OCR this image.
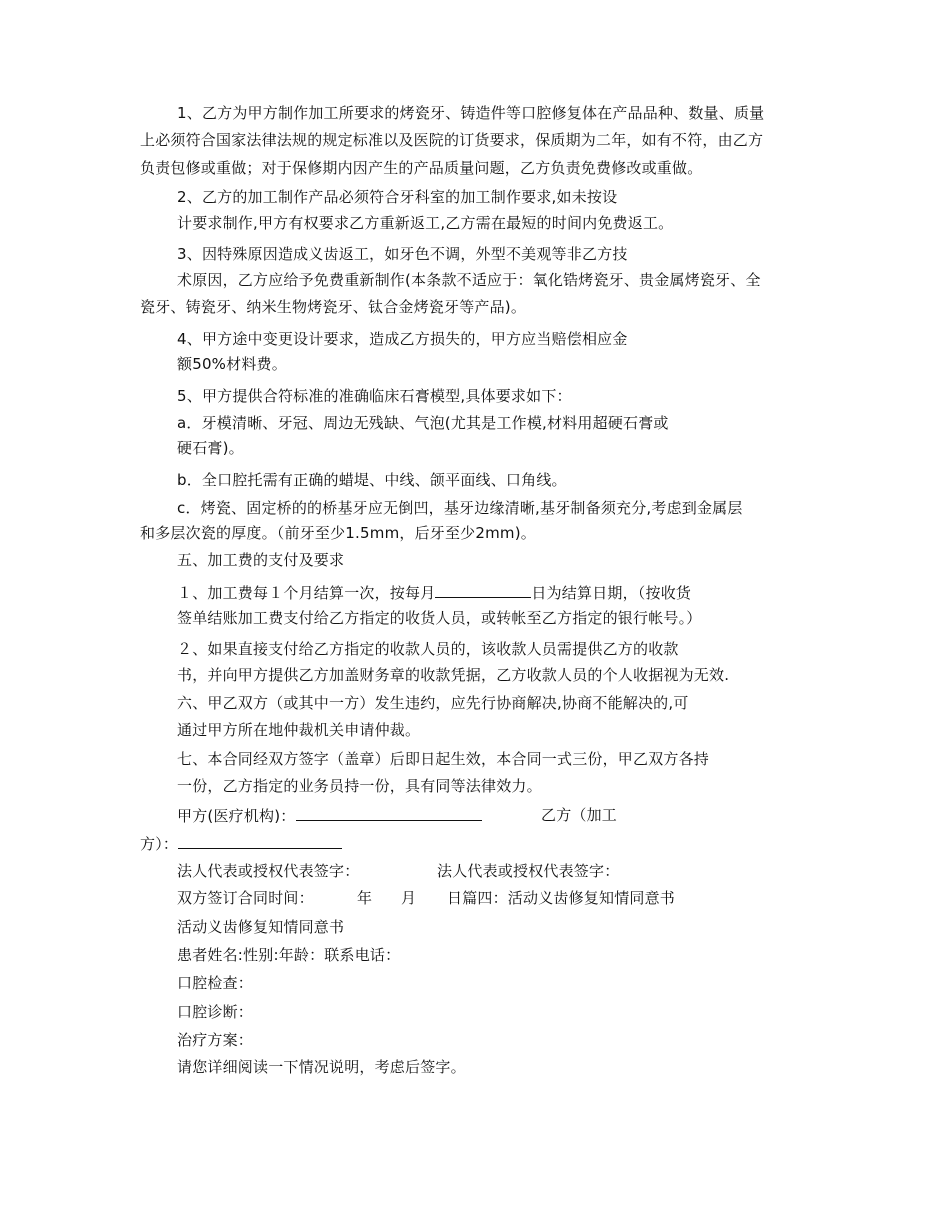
1、乙方为甲方制作加工所要求的烤瓷牙、铸造件等口腔修复体在产品品种、数量、质量
上必须符合国家法律法规的规定标准以及医院的订货要求，保质期为二年，如有不符，由乙方
负责包修或重做；对于保修期内因产生的产品质量问题，乙方负责免费修改或重做。
2、乙方的加工制作产品必须符合牙科室的加工制作要求,如未按设
计要求制作,甲方有权要求乙方重新返工,乙方需在最短的时间内免费返工。
3、因特殊原因造成义齿返工，如牙色不调，外型不美观等非乙方技
术原因，乙方应给予免费重新制作(本条款不适应于：氧化锆烤瓷牙、贵金属烤瓷牙、全
瓷牙、铸瓷牙、纳米生物烤瓷牙、钛合金烤瓷牙等产品)。
4、甲方途中变更设计要求，造成乙方损失的，甲方应当赔偿相应金
额50%材料费。
5、甲方提供合符标准的准确临床石膏模型,具体要求如下：
a．牙模清晰、牙冠、周边无残缺、气泡(尤其是工作模,材料用超硬石膏或
硬石膏)。
b．全口腔托需有正确的蜡堤、中线、颌平面线、口角线。
c．烤瓷、固定桥的的桥基牙应无倒凹，基牙边缘清晰,基牙制备须充分,考虑到金属层
和多层次瓷的厚度。（前牙至少1.5mm，后牙至少2mm)。
五、加工费的支付及要求
１、加工费每１个月结算一次，按每月	日为结算日期，（按收货
签单结账加工费支付给乙方指定的收货人员，或转帐至乙方指定的银行帐号。）
２、如果直接支付给乙方指定的收款人员的，该收款人员需提供乙方的收款
书，并向甲方提供乙方加盖财务章的收款凭据，乙方收款人员的个人收据视为无效.
六、甲乙双方（或其中一方）发生违约，应先行协商解决,协商不能解决的,可
通过甲方所在地仲裁机关申请仲裁。
七、本合同经双方签字（盖章）后即日起生效，本合同一式三份，甲乙双方各持
一份，乙方指定的业务员持一份，具有同等法律效力。
甲方(医疗机构)：	乙方（加工
方）：
法人代表或授权代表签字：	法人代表或授权代表签字：
双方签订合同时间：	年 月 日篇四：活动义齿修复知情同意书
活动义齿修复知情同意书
患者姓名:性别:年龄：联系电话：
口腔检查：
口腔诊断：
治疗方案：
请您详细阅读一下情况说明，考虑后签字。
